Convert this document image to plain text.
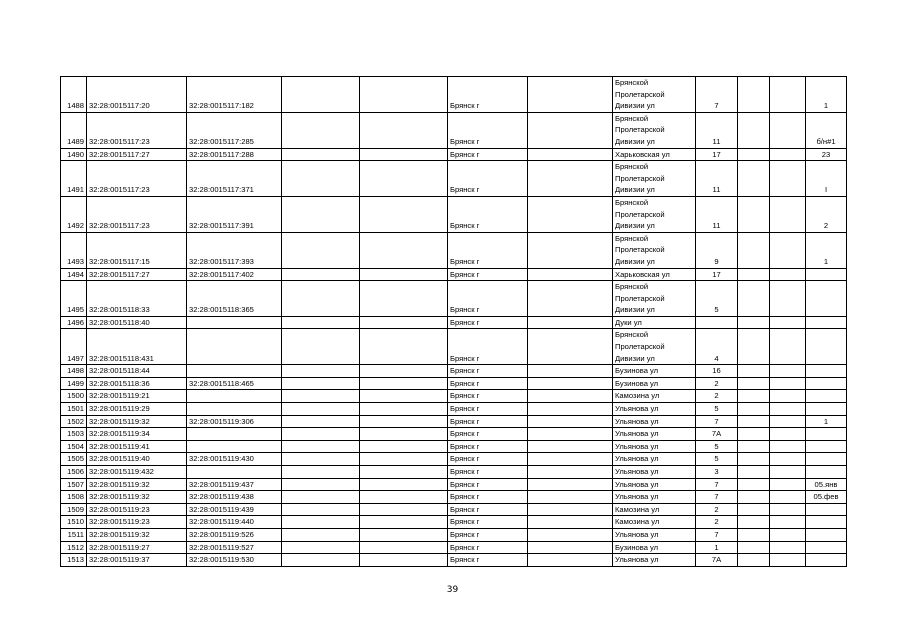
1488	32:28:0015117:20	32:28:0015117:182			Брянск г		Брянской Пролетарской Дивизии ул	7			1
1489	32:28:0015117:23	32:28:0015117:285			Брянск г		Брянской Пролетарской Дивизии ул	11			б/н#1
1490	32:28:0015117:27	32:28:0015117:288			Брянск г		Харьковская ул	17			23
1491	32:28:0015117:23	32:28:0015117:371			Брянск г		Брянской Пролетарской Дивизии ул	11			I
1492	32:28:0015117:23	32:28:0015117:391			Брянск г		Брянской Пролетарской Дивизии ул	11			2
1493	32:28:0015117:15	32:28:0015117:393			Брянск г		Брянской Пролетарской Дивизии ул	9			1
1494	32:28:0015117:27	32:28:0015117:402			Брянск г		Харьковская ул	17			
1495	32:28:0015118:33	32:28:0015118:365			Брянск г		Брянской Пролетарской Дивизии ул	5			
1496	32:28:0015118:40				Брянск г		Дуки ул				
1497	32:28:0015118:431				Брянск г		Брянской Пролетарской Дивизии ул	4			
1498	32:28:0015118:44				Брянск г		Бузинова ул	16			
1499	32:28:0015118:36	32:28:0015118:465			Брянск г		Бузинова ул	2			
1500	32:28:0015119:21				Брянск г		Камозина ул	2			
1501	32:28:0015119:29				Брянск г		Ульянова ул	5			
1502	32:28:0015119:32	32:28:0015119:306			Брянск г		Ульянова ул	7			1
1503	32:28:0015119:34				Брянск г		Ульянова ул	7А			
1504	32:28:0015119:41				Брянск г		Ульянова ул	5			
1505	32:28:0015119:40	32:28:0015119:430			Брянск г		Ульянова ул	5			
1506	32:28:0015119:432				Брянск г		Ульянова ул	3			
1507	32:28:0015119:32	32:28:0015119:437			Брянск г		Ульянова ул	7			05.янв
1508	32:28:0015119:32	32:28:0015119:438			Брянск г		Ульянова ул	7			05.фев
1509	32:28:0015119:23	32:28:0015119:439			Брянск г		Камозина ул	2			
1510	32:28:0015119:23	32:28:0015119:440			Брянск г		Камозина ул	2			
1511	32:28:0015119:32	32:28:0015119:526			Брянск г		Ульянова ул	7			
1512	32:28:0015119:27	32:28:0015119:527			Брянск г		Бузинова ул	1			
1513	32:28:0015119:37	32:28:0015119:530			Брянск г		Ульянова ул	7А			
39
